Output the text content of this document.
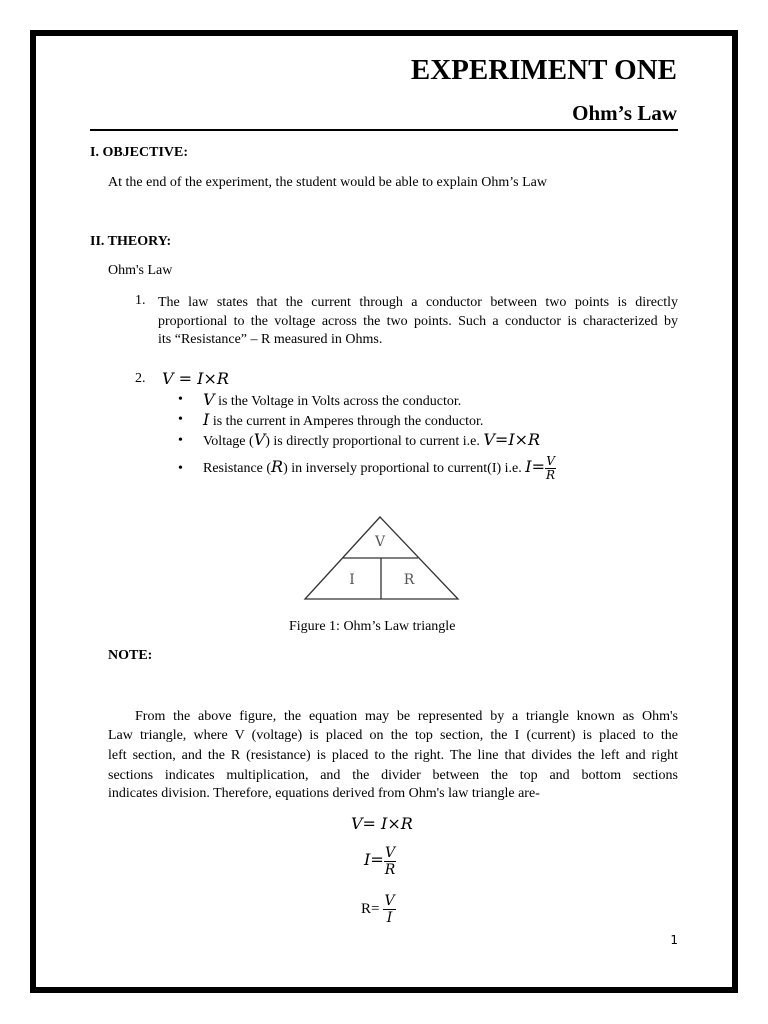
EXPERIMENT ONE
Ohm’s Law
I. OBJECTIVE:
At the end of the experiment, the student would be able to explain Ohm’s Law
II. THEORY:
Ohm's Law
1. The law states that the current through a conductor between two points is directly
proportional to the voltage across the two points. Such a conductor is characterized by
its “Resistance” – R measured in Ohms.
2. V = I×R
• V is the Voltage in Volts across the conductor.
• I is the current in Amperes through the conductor.
• Voltage (V) is directly proportional to current i.e. V=I×R
• Resistance (R) in inversely proportional to current(I) i.e. $I= \frac{V}{R}$
V
I	R
Figure 1: Ohm’s Law triangle
NOTE:
From the above figure, the equation may be represented by a triangle known as Ohm's
Law triangle, where V (voltage) is placed on the top section, the I (current) is placed to the
left section, and the R (resistance) is placed to the right. The line that divides the left and right
sections indicates multiplication, and the divider between the top and bottom sections
indicates division. Therefore, equations derived from Ohm's law triangle are-
V= I×R
$I= \frac{V}{R}$
$R= \frac{V}{I}$
1
